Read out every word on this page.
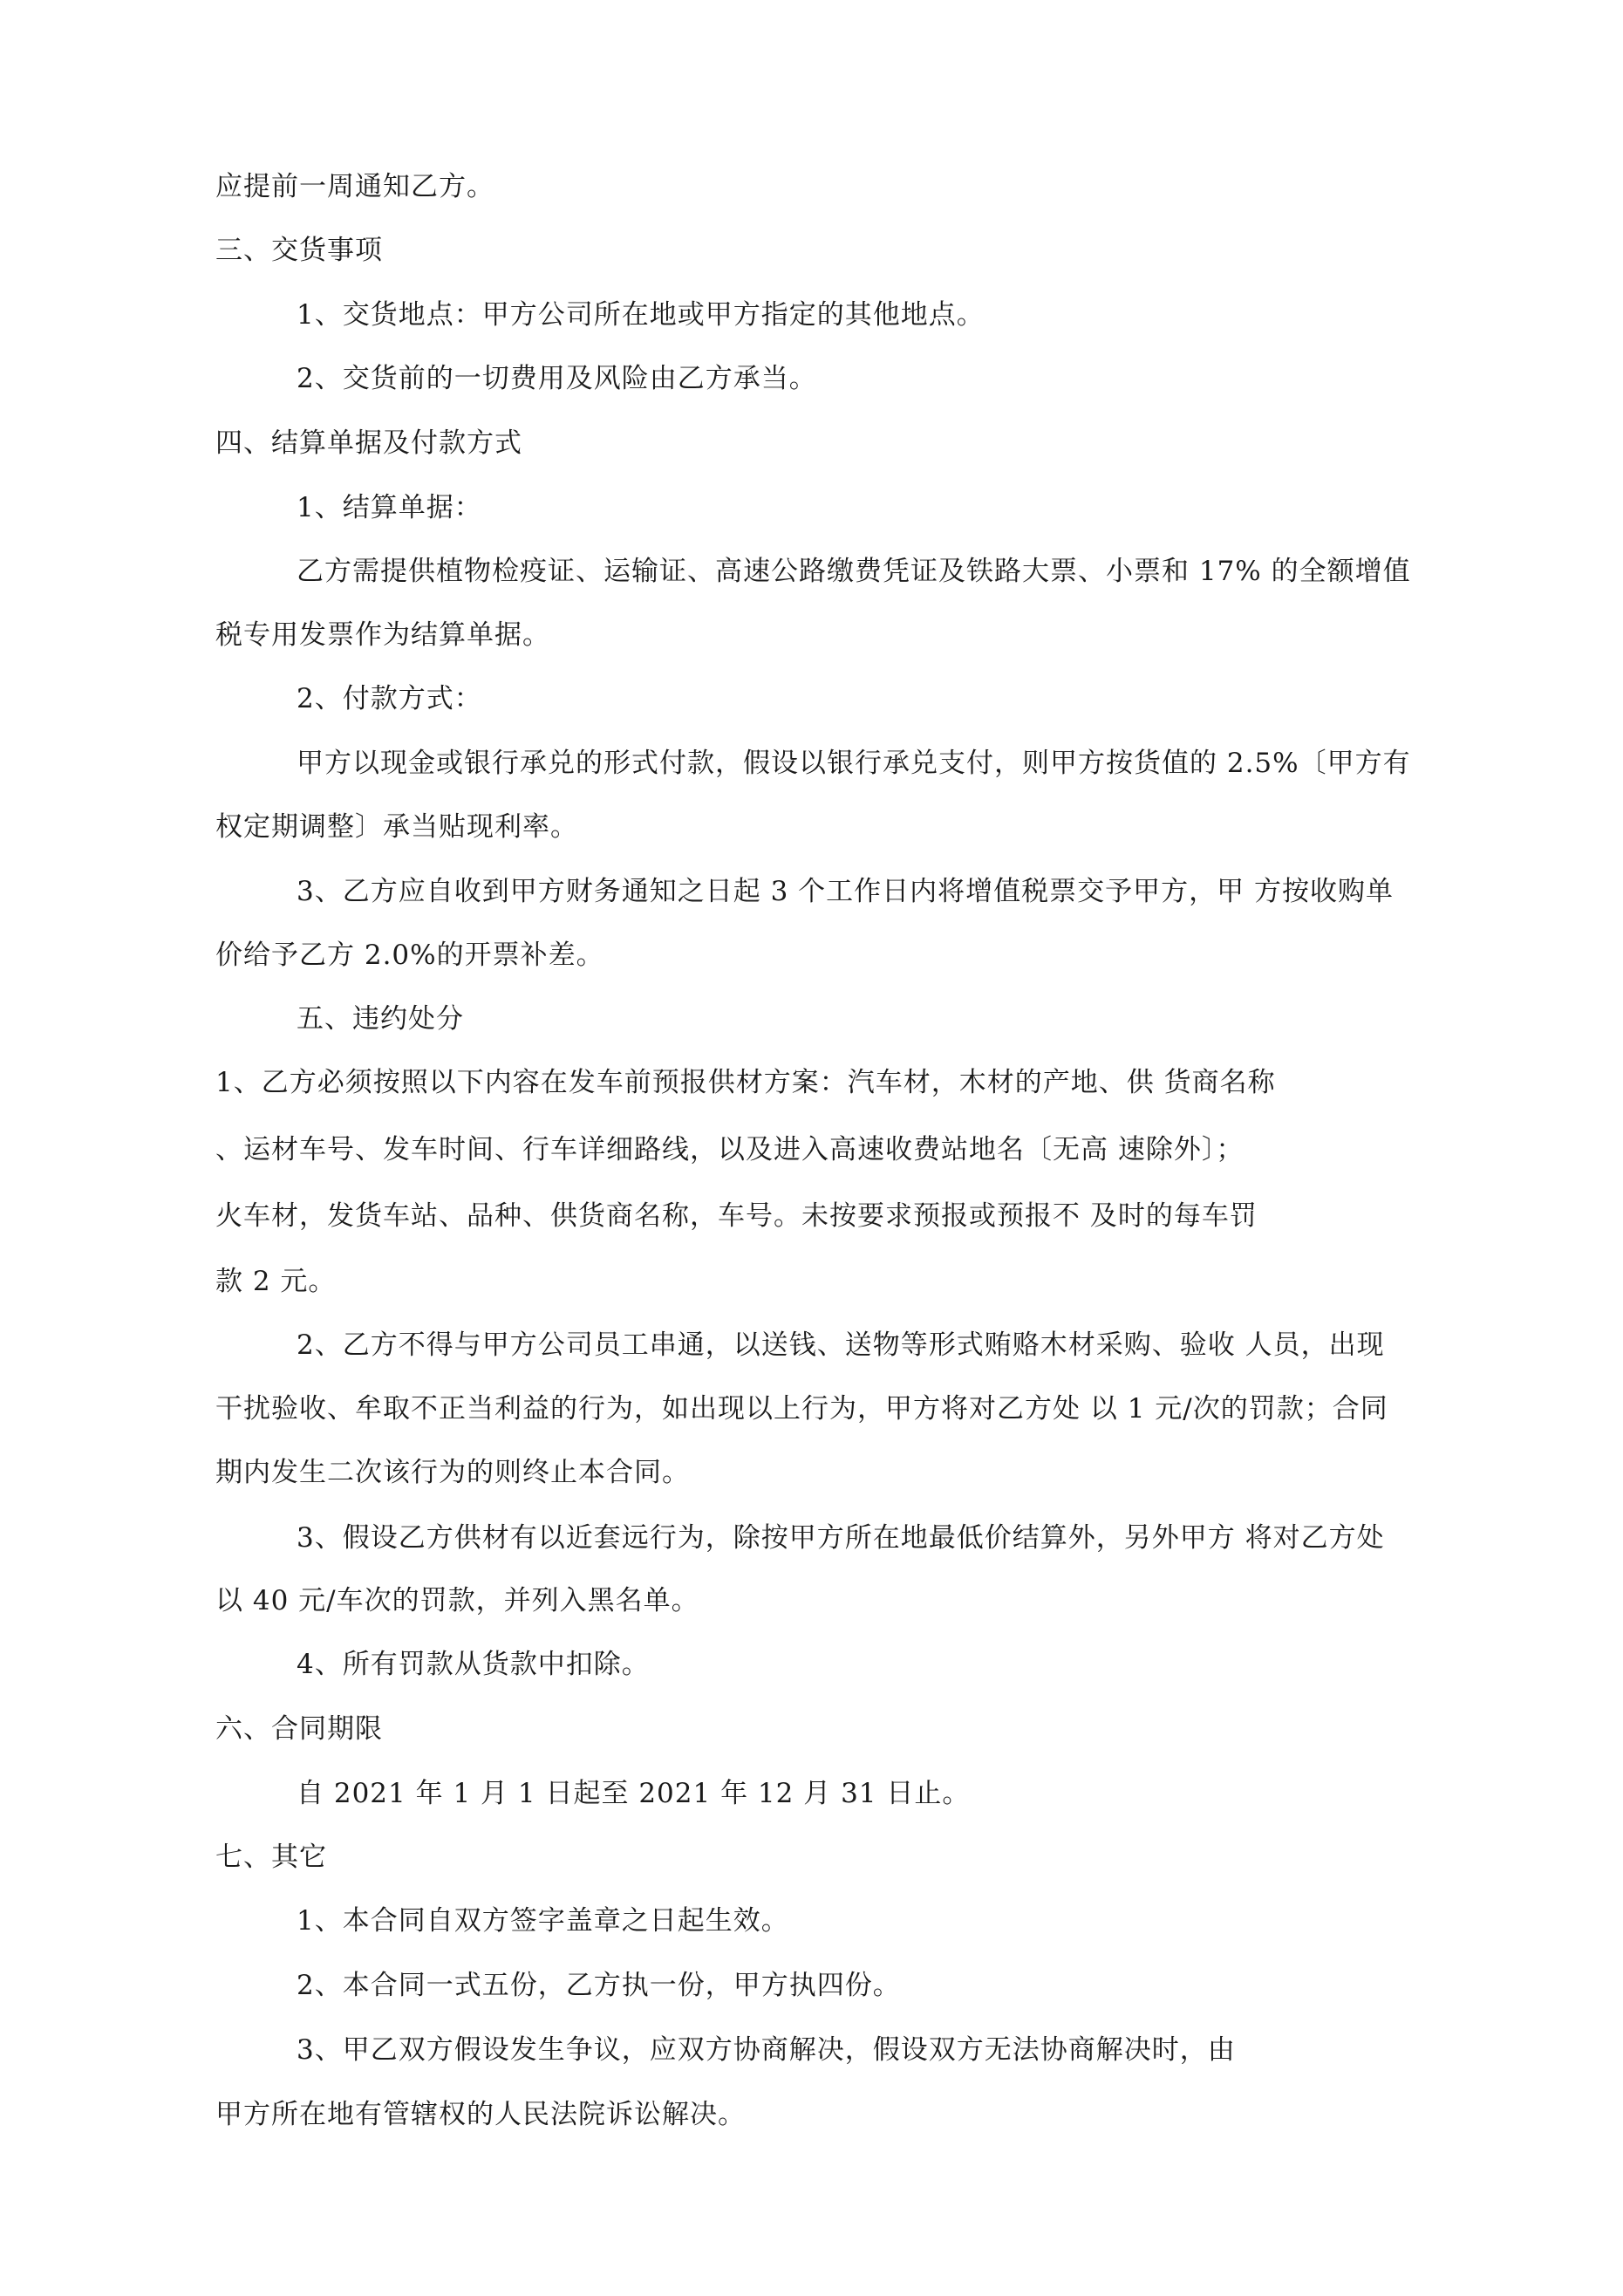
应提前一周通知乙方。
三、交货事项
1、交货地点：甲方公司所在地或甲方指定的其他地点。
2、交货前的一切费用及风险由乙方承当。
四、结算单据及付款方式
1、结算单据：
乙方需提供植物检疫证、运输证、高速公路缴费凭证及铁路大票、小票和 17% 的全额增值
税专用发票作为结算单据。
2、付款方式：
甲方以现金或银行承兑的形式付款，假设以银行承兑支付，则甲方按货值的 2.5%〔甲方有
权定期调整〕承当贴现利率。
3、乙方应自收到甲方财务通知之日起 3 个工作日内将增值税票交予甲方，甲 方按收购单
价给予乙方 2.0%的开票补差。
五、违约处分
1、乙方必须按照以下内容在发车前预报供材方案：汽车材，木材的产地、供 货商名称
、运材车号、发车时间、行车详细路线，以及进入高速收费站地名〔无高 速除外〕；
火车材，发货车站、品种、供货商名称，车号。未按要求预报或预报不 及时的每车罚
款 2 元。
2、乙方不得与甲方公司员工串通，以送钱、送物等形式贿赂木材采购、验收 人员，出现
干扰验收、牟取不正当利益的行为，如出现以上行为，甲方将对乙方处 以 1 元/次的罚款；合同
期内发生二次该行为的则终止本合同。
3、假设乙方供材有以近套远行为，除按甲方所在地最低价结算外，另外甲方 将对乙方处
以 40 元/车次的罚款，并列入黑名单。
4、所有罚款从货款中扣除。
六、合同期限
自 2021 年 1 月 1 日起至 2021 年 12 月 31 日止。
七、其它
1、本合同自双方签字盖章之日起生效。
2、本合同一式五份，乙方执一份，甲方执四份。
3、甲乙双方假设发生争议，应双方协商解决，假设双方无法协商解决时，由
甲方所在地有管辖权的人民法院诉讼解决。
